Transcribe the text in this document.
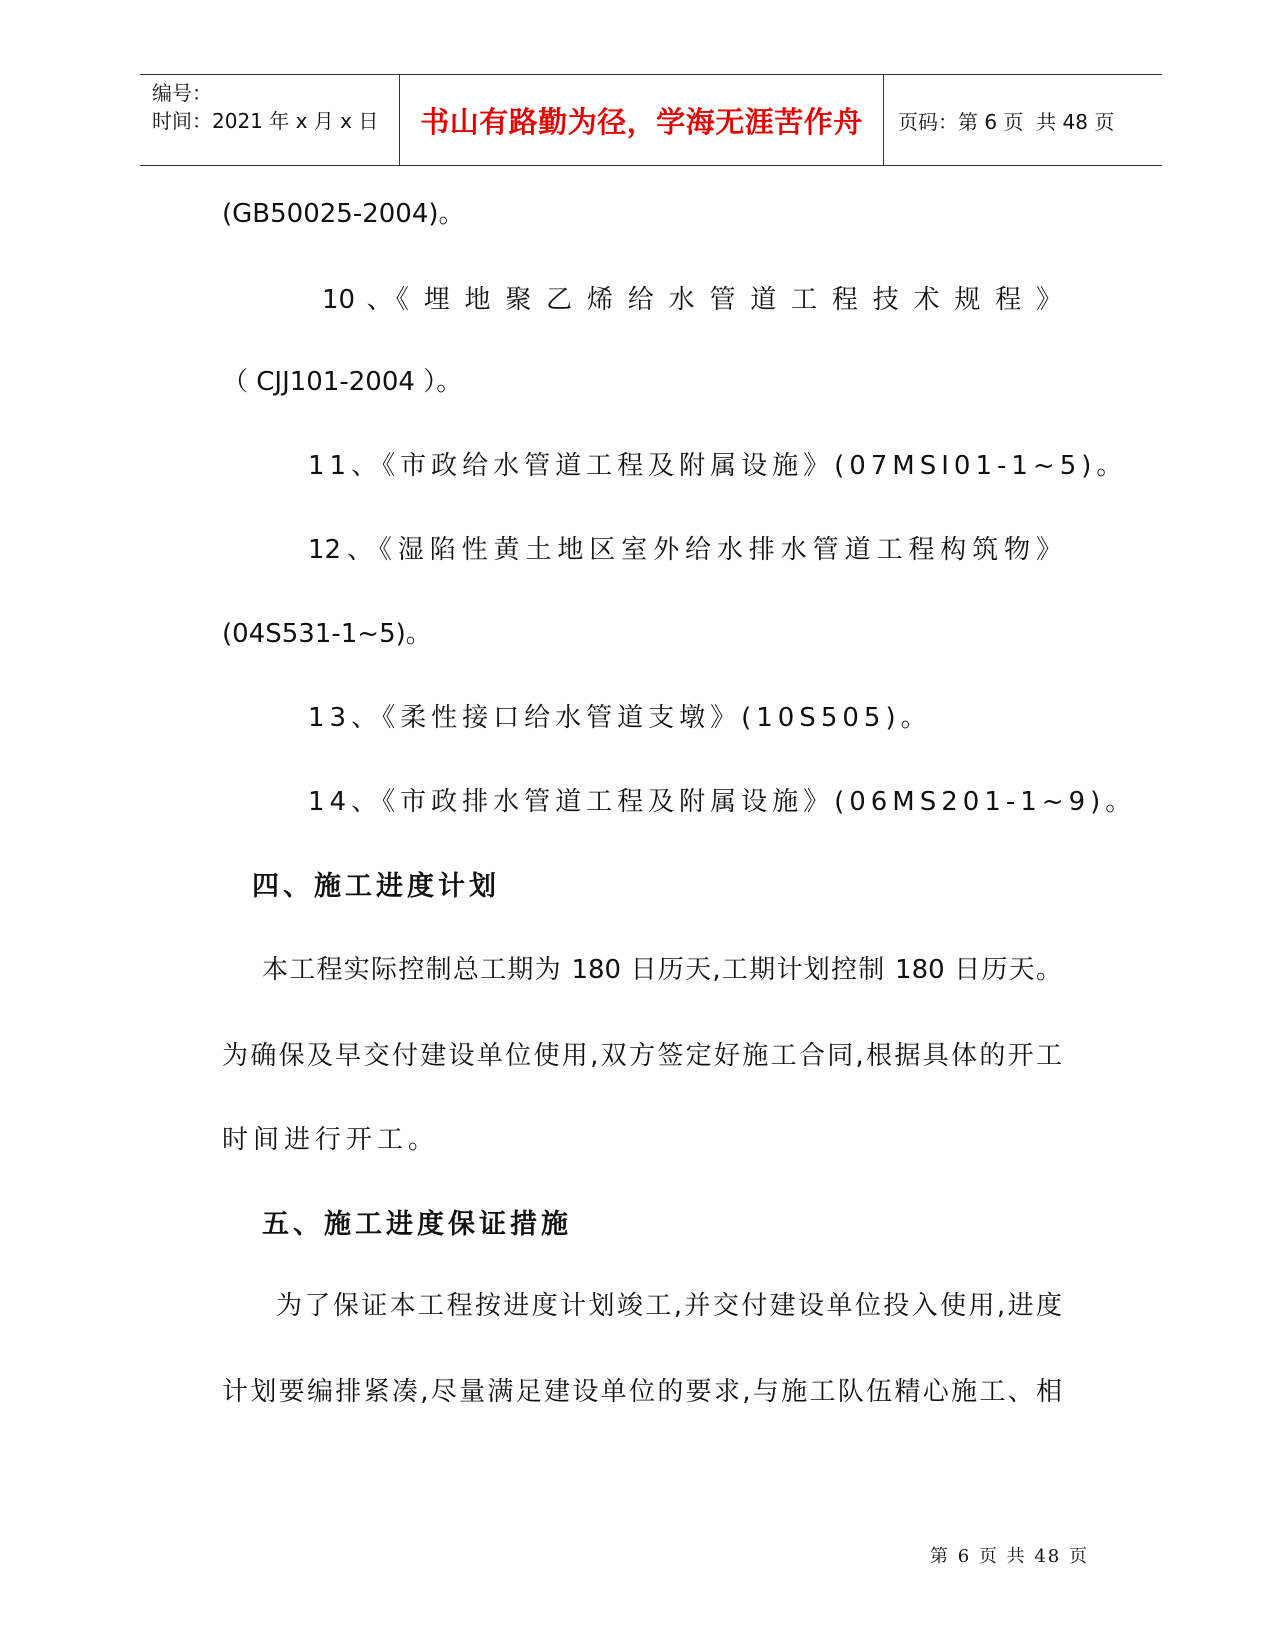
编号：
时间：2021 年 x 月 x 日	书山有路勤为径，学海无涯苦作舟	页码：第 6 页  共 48 页
(GB50025-2004)。
10 、《 埋 地 聚 乙 烯 给 水 管 道 工 程 技 术 规 程 》
（ CJJ101-2004 ）。
11、《市政给水管道工程及附属设施》(07MSI01-1~5)。
12、《湿陷性黄土地区室外给水排水管道工程构筑物》
(04S531-1~5)。
13、《柔性接口给水管道支墩》(10S505)。
14、《市政排水管道工程及附属设施》(06MS201-1~9)。
四、施工进度计划
本工程实际控制总工期为 180 日历天,工期计划控制 180 日历天。
为确保及早交付建设单位使用,双方签定好施工合同,根据具体的开工
时间进行开工。
五、施工进度保证措施
为了保证本工程按进度计划竣工,并交付建设单位投入使用,进度
计划要编排紧凑,尽量满足建设单位的要求,与施工队伍精心施工、相
第 6 页 共 48 页
